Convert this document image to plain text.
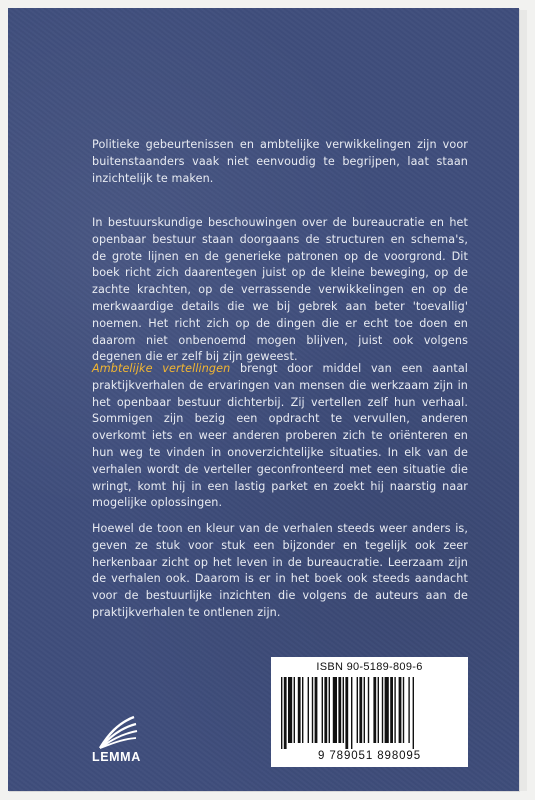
Politieke gebeurtenissen en ambtelijke verwikkelingen zijn voor buitenstaanders vaak niet eenvoudig te begrijpen, laat staan inzichtelijk te maken.

In bestuurskundige beschouwingen over de bureaucratie en het openbaar bestuur staan doorgaans de structuren en schema's, de grote lijnen en de generieke patronen op de voorgrond. Dit boek richt zich daarentegen juist op de kleine beweging, op de zachte krachten, op de verrassende verwikkelingen en op de merkwaardige details die we bij gebrek aan beter 'toevallig' noemen. Het richt zich op de dingen die er echt toe doen en daarom niet onbenoemd mogen blijven, juist ook volgens degenen die er zelf bij zijn geweest.

Ambtelijke vertellingen brengt door middel van een aantal praktijkverhalen de ervaringen van mensen die werkzaam zijn in het openbaar bestuur dichterbij. Zij vertellen zelf hun verhaal. Sommigen zijn bezig een opdracht te vervullen, anderen overkomt iets en weer anderen proberen zich te oriënteren en hun weg te vinden in onoverzichtelijke situaties. In elk van de verhalen wordt de verteller geconfronteerd met een situatie die wringt, komt hij in een lastig parket en zoekt hij naarstig naar mogelijke oplossingen.

Hoewel de toon en kleur van de verhalen steeds weer anders is, geven ze stuk voor stuk een bijzonder en tegelijk ook zeer herkenbaar zicht op het leven in de bureaucratie. Leerzaam zijn de verhalen ook. Daarom is er in het boek ook steeds aandacht voor de bestuurlijke inzichten die volgens de auteurs aan de praktijkverhalen te ontlenen zijn.

ISBN 90-5189-809-6
9 789051 898095
LEMMA
